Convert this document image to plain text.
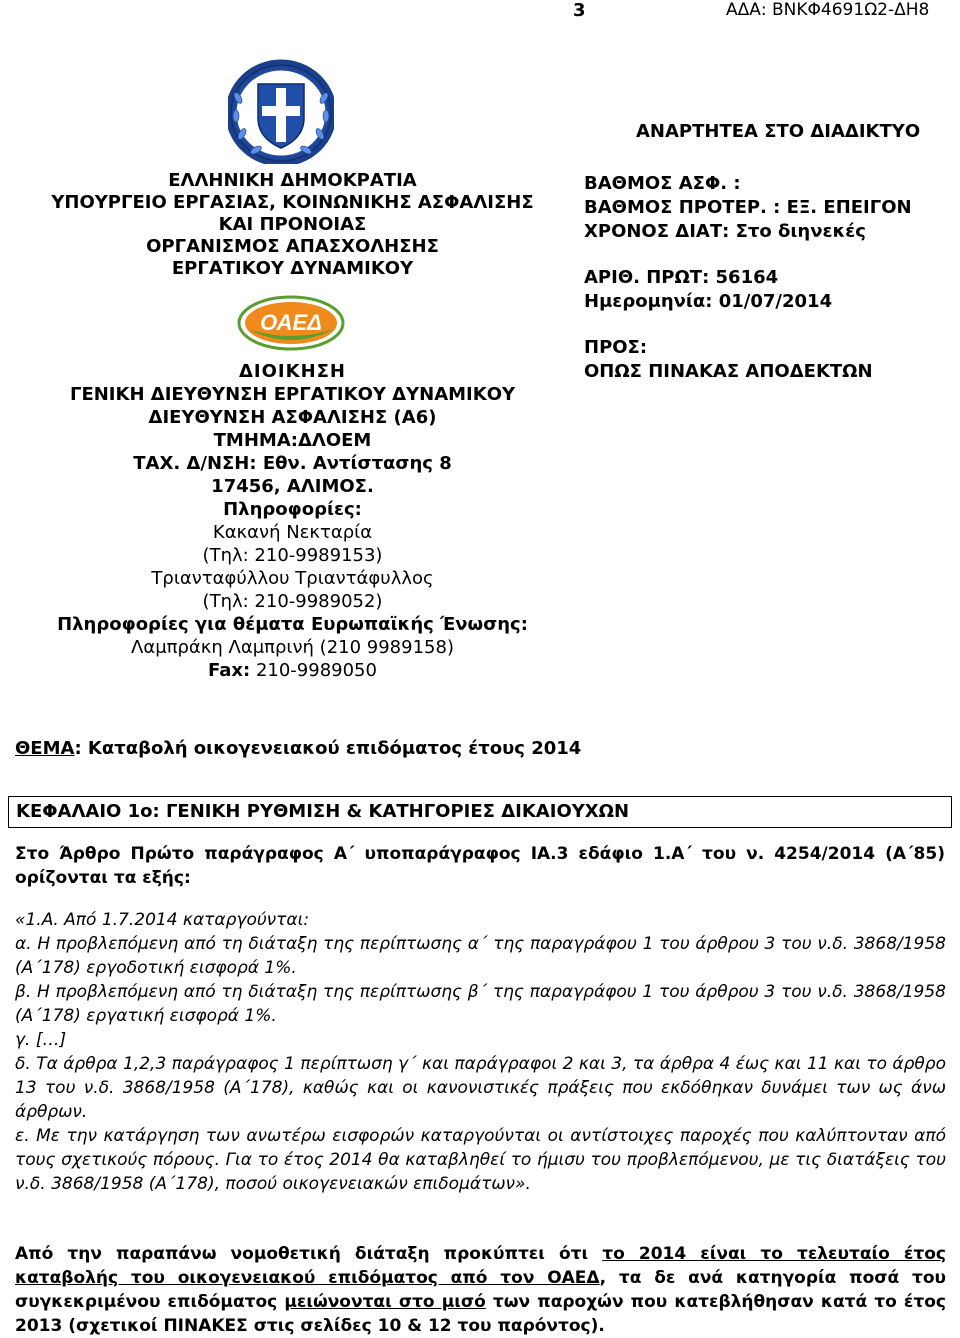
3	ΑΔΑ: ΒΝΚΦ4691Ω2-ΔΗ8
ΕΛΛΗΝΙΚΗ ΔΗΜΟΚΡΑΤΙΑ
ΥΠΟΥΡΓΕΙΟ ΕΡΓΑΣΙΑΣ, ΚΟΙΝΩΝΙΚΗΣ ΑΣΦΑΛΙΣΗΣ
ΚΑΙ ΠΡΟΝΟΙΑΣ
ΟΡΓΑΝΙΣΜΟΣ ΑΠΑΣΧΟΛΗΣΗΣ
ΕΡΓΑΤΙΚΟΥ ΔΥΝΑΜΙΚΟΥ
ΟΑΕΔ
ΔΙΟΙΚΗΣΗ
ΓΕΝΙΚΗ ΔΙΕΥΘΥΝΣΗ ΕΡΓΑΤΙΚΟΥ ΔΥΝΑΜΙΚΟΥ
ΔΙΕΥΘΥΝΣΗ ΑΣΦΑΛΙΣΗΣ (Α6)
ΤΜΗΜΑ:ΔΛΟΕΜ
ΤΑΧ. Δ/ΝΣΗ: Εθν. Αντίστασης 8
17456, ΑΛΙΜΟΣ.
Πληροφορίες:
Κακανή Νεκταρία
(Τηλ: 210-9989153)
Τριανταφύλλου Τριαντάφυλλος
(Τηλ: 210-9989052)
Πληροφορίες για θέματα Ευρωπαϊκής Ένωσης:
Λαμπράκη Λαμπρινή (210 9989158)
Fax: 210-9989050
ΑΝΑΡΤΗΤΕΑ ΣΤΟ ΔΙΑΔΙΚΤΥΟ
ΒΑΘΜΟΣ ΑΣΦ. :
ΒΑΘΜΟΣ ΠΡΟΤΕΡ. : ΕΞ. ΕΠΕΙΓΟΝ
ΧΡΟΝΟΣ ΔΙΑΤ: Στο διηνεκές
ΑΡΙΘ. ΠΡΩΤ: 56164
Ημερομηνία: 01/07/2014
ΠΡΟΣ:
ΟΠΩΣ ΠΙΝΑΚΑΣ ΑΠΟΔΕΚΤΩΝ
ΘΕΜΑ: Καταβολή οικογενειακού επιδόματος έτους 2014
ΚΕΦΑΛΑΙΟ 1ο: ΓΕΝΙΚΗ ΡΥΘΜΙΣΗ & ΚΑΤΗΓΟΡΙΕΣ ΔΙΚΑΙΟΥΧΩΝ
Στο Άρθρο Πρώτο παράγραφος Α΄ υποπαράγραφος ΙΑ.3 εδάφιο 1.Α΄ του ν. 4254/2014 (Α΄85) ορίζονται τα εξής:

«1.Α. Από 1.7.2014 καταργούνται:

α. Η προβλεπόμενη από τη διάταξη της περίπτωσης α΄ της παραγράφου 1 του άρθρου 3 του ν.δ. 3868/1958 (Α΄178) εργοδοτική εισφορά 1%.

β. Η προβλεπόμενη από τη διάταξη της περίπτωσης β΄ της παραγράφου 1 του άρθρου 3 του ν.δ. 3868/1958 (Α΄178) εργατική εισφορά 1%.

γ. […]

δ. Τα άρθρα 1,2,3 παράγραφος 1 περίπτωση γ΄ και παράγραφοι 2 και 3, τα άρθρα 4 έως και 11 και το άρθρο 13 του ν.δ. 3868/1958 (Α΄178), καθώς και οι κανονιστικές πράξεις που εκδόθηκαν δυνάμει των ως άνω άρθρων.

ε. Με την κατάργηση των ανωτέρω εισφορών καταργούνται οι αντίστοιχες παροχές που καλύπτονταν από τους σχετικούς πόρους. Για το έτος 2014 θα καταβληθεί το ήμισυ του προβλεπόμενου, με τις διατάξεις του ν.δ. 3868/1958 (Α΄178), ποσού οικογενειακών επιδομάτων».

Από την παραπάνω νομοθετική διάταξη προκύπτει ότι το 2014 είναι το τελευταίο έτος καταβολής του οικογενειακού επιδόματος από τον ΟΑΕΔ, τα δε ανά κατηγορία ποσά του συγκεκριμένου επιδόματος μειώνονται στο μισό των παροχών που κατεβλήθησαν κατά το έτος 2013 (σχετικοί ΠΙΝΑΚΕΣ στις σελίδες 10 & 12 του παρόντος).
